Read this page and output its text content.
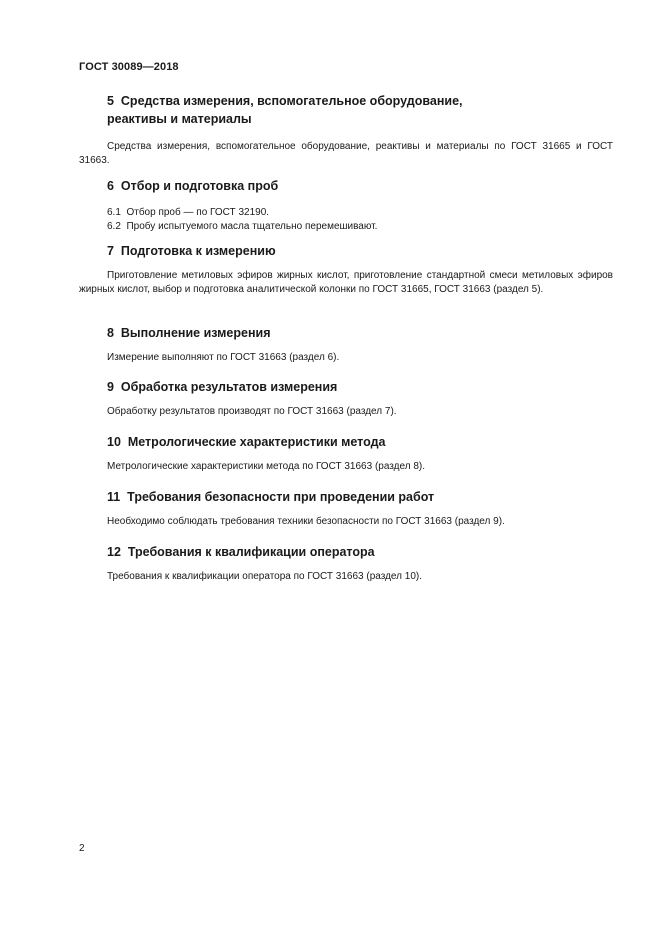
ГОСТ 30089—2018
5 Средства измерения, вспомогательное оборудование,
реактивы и материалы

Средства измерения, вспомогательное оборудование, реактивы и материалы по ГОСТ 31665 и ГОСТ 31663.

6 Отбор и подготовка проб

6.1 Отбор проб — по ГОСТ 32190.

6.2 Пробу испытуемого масла тщательно перемешивают.

7 Подготовка к измерению

Приготовление метиловых эфиров жирных кислот, приготовление стандартной смеси метиловых эфиров жирных кислот, выбор и подготовка аналитической колонки по ГОСТ 31665, ГОСТ 31663 (раздел 5).

8 Выполнение измерения

Измерение выполняют по ГОСТ 31663 (раздел 6).

9 Обработка результатов измерения

Обработку результатов производят по ГОСТ 31663 (раздел 7).

10 Метрологические характеристики метода

Метрологические характеристики метода по ГОСТ 31663 (раздел 8).

11 Требования безопасности при проведении работ

Необходимо соблюдать требования техники безопасности по ГОСТ 31663 (раздел 9).

12 Требования к квалификации оператора

Требования к квалификации оператора по ГОСТ 31663 (раздел 10).

2
